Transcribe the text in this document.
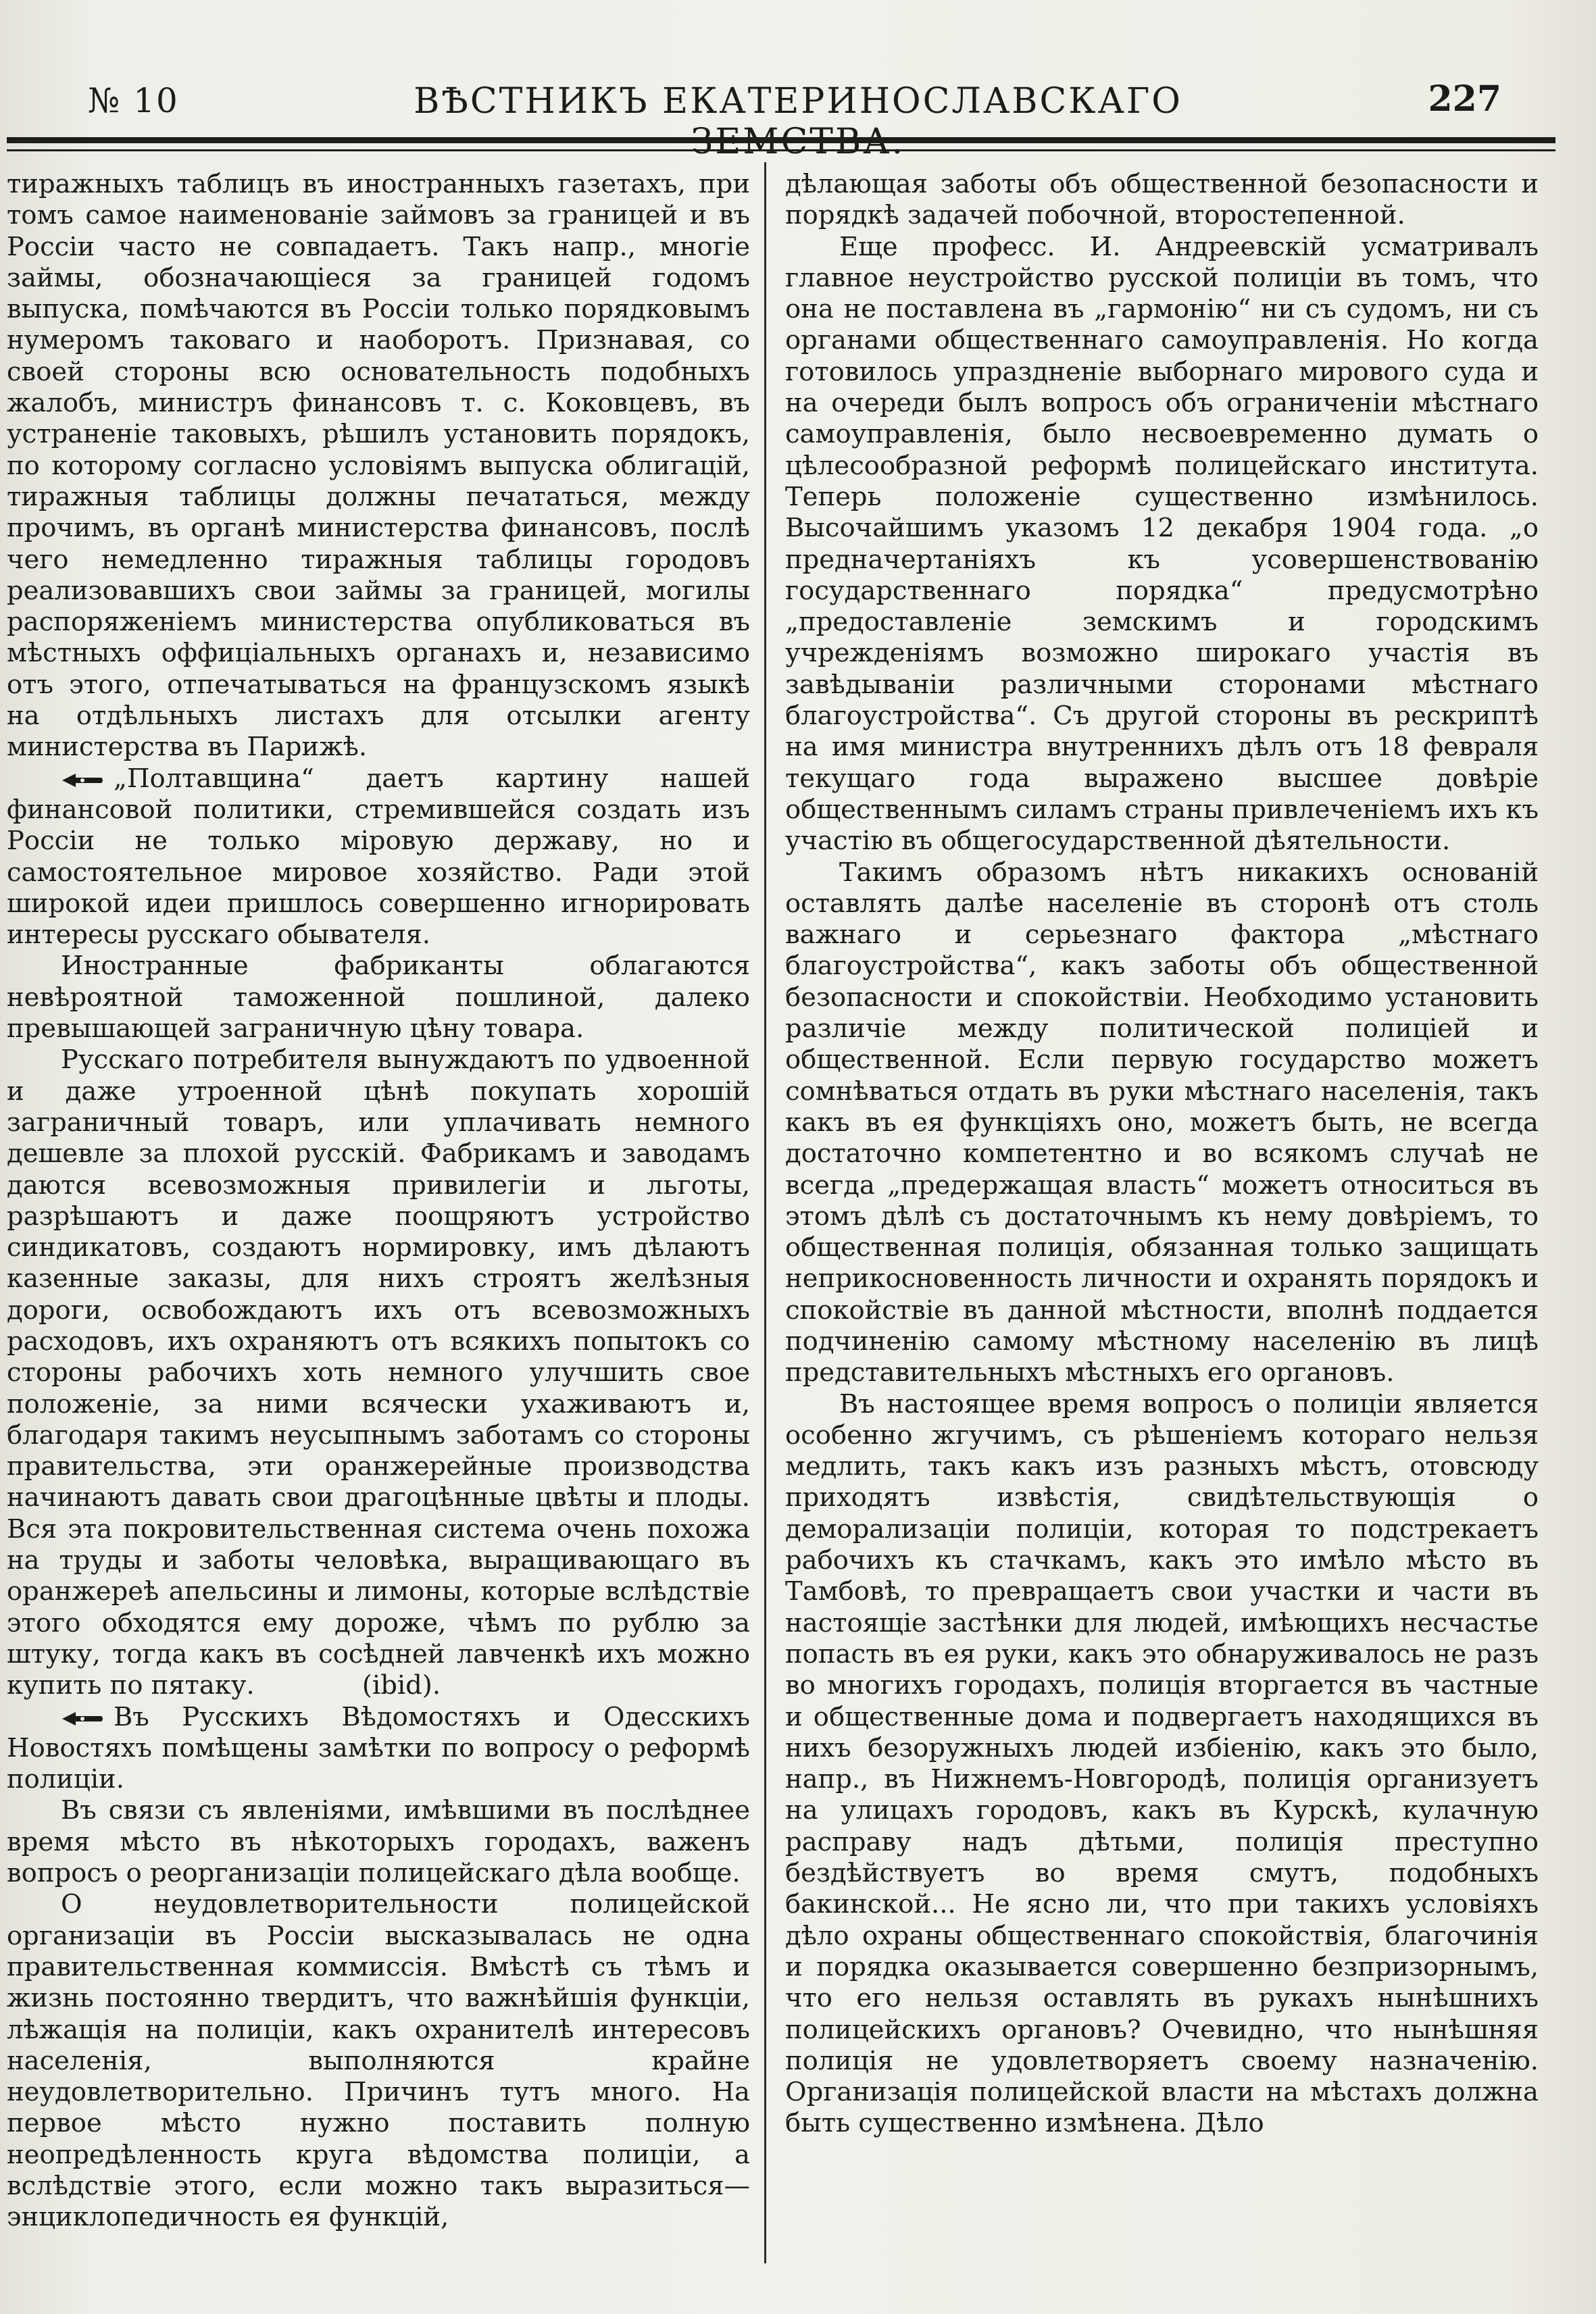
№ 10	ВѢСТНИКЪ ЕКАТЕРИНОСЛАВСКАГО	227

тиражныхъ таблицъ въ иностранныхъ газетахъ, при томъ самое наименованіе займовъ за границей и въ Россіи часто не совпадаетъ. Такъ напр., многіе займы, обозначающіеся за границей годомъ выпуска, помѣчаются въ Россіи только порядковымъ нумеромъ таковаго и наоборотъ. Признавая, со своей стороны всю основательность подобныхъ жалобъ, министръ финансовъ т. с. Коковцевъ, въ устраненіе таковыхъ, рѣшилъ установить порядокъ, по которому согласно условіямъ выпуска облигацій, тиражныя таблицы должны печататься, между прочимъ, въ органѣ министерства финансовъ, послѣ чего немедленно тиражныя таблицы городовъ реализовавшихъ свои займы за границей, могилы распоряженіемъ министерства опубликоваться въ мѣстныхъ оффиціальныхъ органахъ и, независимо отъ этого, отпечатываться на французскомъ языкѣ на отдѣльныхъ листахъ для отсылки агенту министерства въ Парижѣ.

„Полтавщина“ даетъ картину нашей финансовой политики, стремившейся создать изъ Россіи не только міровую державу, но и самостоятельное мировое хозяйство. Ради этой широкой идеи пришлось совершенно игнорировать интересы русскаго обывателя.

Иностранные фабриканты облагаются невѣроятной таможенной пошлиной, далеко превышающей заграничную цѣну товара.

Русскаго потребителя вынуждаютъ по удвоенной и даже утроенной цѣнѣ покупать хорошій заграничный товаръ, или уплачивать немного дешевле за плохой русскій. Фабрикамъ и заводамъ даются всевозможныя привилегіи и льготы, разрѣшаютъ и даже поощряютъ устройство синдикатовъ, создаютъ нормировку, имъ дѣлаютъ казенные заказы, для нихъ строятъ желѣзныя дороги, освобождаютъ ихъ отъ всевозможныхъ расходовъ, ихъ охраняютъ отъ всякихъ попытокъ со стороны рабочихъ хоть немного улучшить свое положеніе, за ними всячески ухаживаютъ и, благодаря такимъ неусыпнымъ заботамъ со стороны правительства, эти оранжерейные производства начинаютъ давать свои драгоцѣнные цвѣты и плоды. Вся эта покровительственная система очень похожа на труды и заботы человѣка, выращивающаго въ оранжереѣ апельсины и лимоны, которые вслѣдствіе этого обходятся ему дороже, чѣмъ по рублю за штуку, тогда какъ въ сосѣдней лавченкѣ ихъ можно купить по пятаку.	(ibid).

Въ Русскихъ Вѣдомостяхъ и Одесскихъ Новостяхъ помѣщены замѣтки по вопросу о реформѣ полиціи.

Въ связи съ явленіями, имѣвшими въ послѣднее время мѣсто въ нѣкоторыхъ городахъ, важенъ вопросъ о реорганизаціи полицейскаго дѣла вообще.

О неудовлетворительности полицейской организаціи въ Россіи высказывалась не одна правительственная коммиссія. Вмѣстѣ съ тѣмъ и жизнь постоянно твердитъ, что важнѣйшія функціи, лѣжащія на полиціи, какъ охранителѣ интересовъ населенія, выполняются крайне неудовлетворительно. Причинъ тутъ много. На первое мѣсто нужно поставить полную неопредѣленность круга вѣдомства полиціи, а вслѣдствіе этого, если можно такъ выразиться—энциклопедичность ея функцій,

дѣлающая заботы объ общественной безопасности и порядкѣ задачей побочной, второстепенной.

Еще професс. И. Андреевскій усматривалъ главное неустройство русской полиціи въ томъ, что она не поставлена въ „гармонію“ ни съ судомъ, ни съ органами общественнаго самоуправленія. Но когда готовилось упраздненіе выборнаго мирового суда и на очереди былъ вопросъ объ ограниченіи мѣстнаго самоуправленія, было несвоевременно думать о цѣлесообразной реформѣ полицейскаго института. Теперь положеніе существенно измѣнилось. Высочайшимъ указомъ 12 декабря 1904 года. „о предначертаніяхъ къ усовершенствованію государственнаго порядка“ предусмотрѣно „предоставленіе земскимъ и городскимъ учрежденіямъ возможно широкаго участія въ завѣдываніи различными сторонами мѣстнаго благоустройства“. Съ другой стороны въ рескриптѣ на имя министра внутреннихъ дѣлъ отъ 18 февраля текущаго года выражено высшее довѣріе общественнымъ силамъ страны привлеченіемъ ихъ къ участію въ общегосударственной дѣятельности.

Такимъ образомъ нѣтъ никакихъ основаній оставлять далѣе населеніе въ сторонѣ отъ столь важнаго и серьезнаго фактора „мѣстнаго благоустройства“, какъ заботы объ общественной безопасности и спокойствіи. Необходимо установить различіе между политической полиціей и общественной. Если первую государство можетъ сомнѣваться отдать въ руки мѣстнаго населенія, такъ какъ въ ея функціяхъ оно, можетъ быть, не всегда достаточно компетентно и во всякомъ случаѣ не всегда „предержащая власть“ можетъ относиться въ этомъ дѣлѣ съ достаточнымъ къ нему довѣріемъ, то общественная полиція, обязанная только защищать неприкосновенность личности и охранять порядокъ и спокойствіе въ данной мѣстности, вполнѣ поддается подчиненію самому мѣстному населенію въ лицѣ представительныхъ мѣстныхъ его органовъ.

Въ настоящее время вопросъ о полиціи является особенно жгучимъ, съ рѣшеніемъ котораго нельзя медлить, такъ какъ изъ разныхъ мѣстъ, отовсюду приходятъ извѣстія, свидѣтельствующія о деморализаціи полиціи, которая то подстрекаетъ рабочихъ къ стачкамъ, какъ это имѣло мѣсто въ Тамбовѣ, то превращаетъ свои участки и части въ настоящіе застѣнки для людей, имѣющихъ несчастье попасть въ ея руки, какъ это обнаруживалось не разъ во многихъ городахъ, полиція вторгается въ частные и общественные дома и подвергаетъ находящихся въ нихъ безоружныхъ людей избіенію, какъ это было, напр., въ Нижнемъ-Новгородѣ, полиція организуетъ на улицахъ городовъ, какъ въ Курскѣ, кулачную расправу надъ дѣтьми, полиція преступно бездѣйствуетъ во время смутъ, подобныхъ бакинской... Не ясно ли, что при такихъ условіяхъ дѣло охраны общественнаго спокойствія, благочинія и порядка оказывается совершенно безпризорнымъ, что его нельзя оставлять въ рукахъ нынѣшнихъ полицейскихъ органовъ? Очевидно, что нынѣшняя полиція не удовлетворяетъ своему назначенію. Организація полицейской власти на мѣстахъ должна быть существенно измѣнена. Дѣло
